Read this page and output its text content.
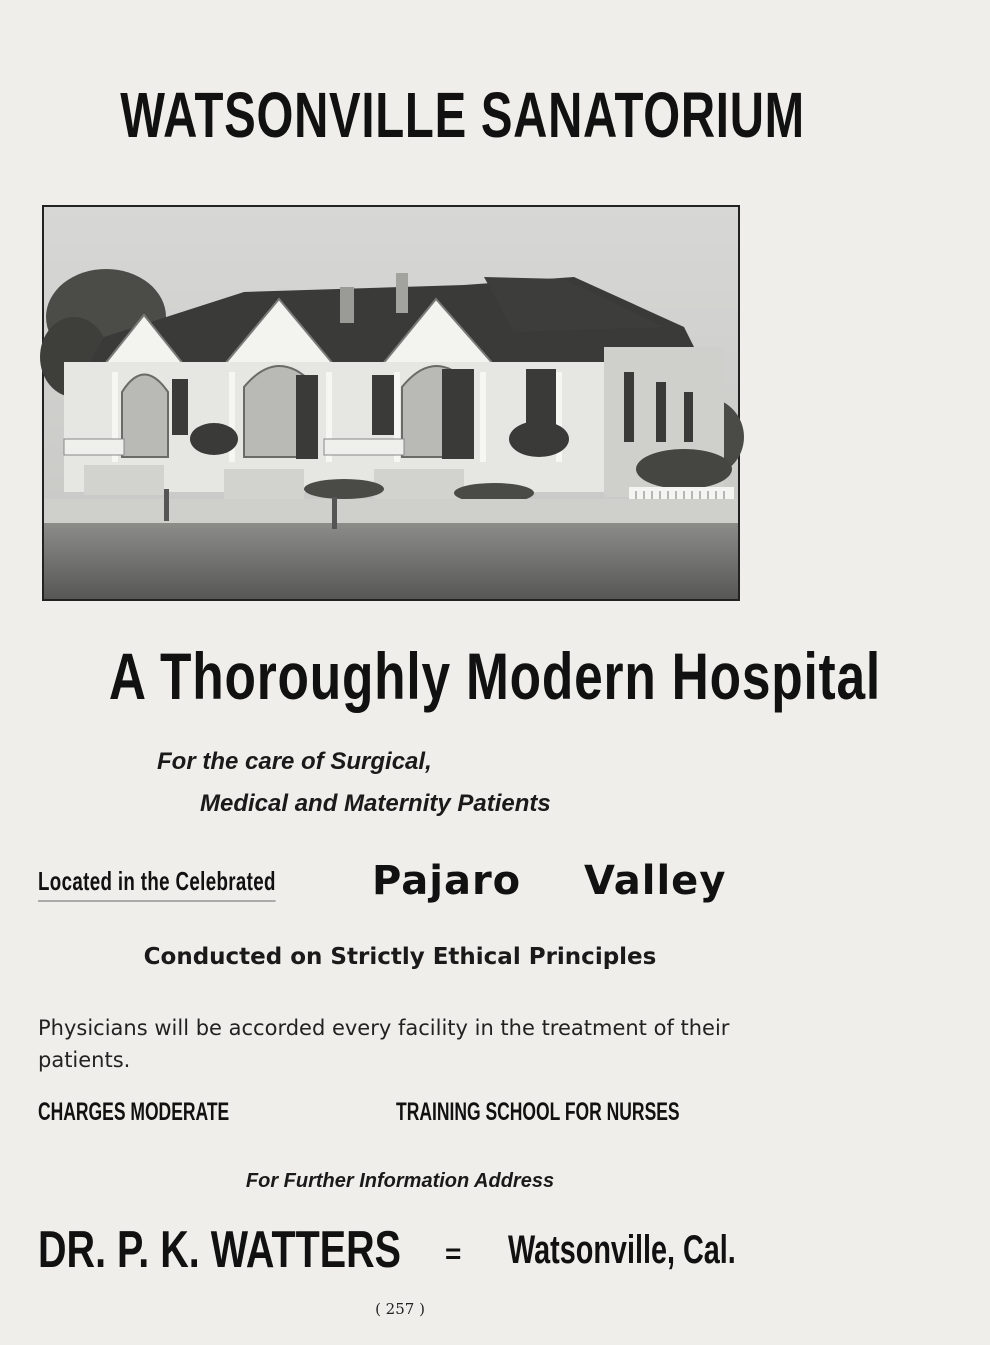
WATSONVILLE SANATORIUM
A Thoroughly Modern Hospital
For the care of Surgical,
Medical and Maternity Patients
Located in the Celebrated Pajaro Valley
Conducted on Strictly Ethical Principles
Physicians will be accorded every facility in the treatment of their patients.
CHARGES MODERATE	TRAINING SCHOOL FOR NURSES
For Further Information Address
DR. P. K. WATTERS = Watsonville, Cal.
( 257 )
